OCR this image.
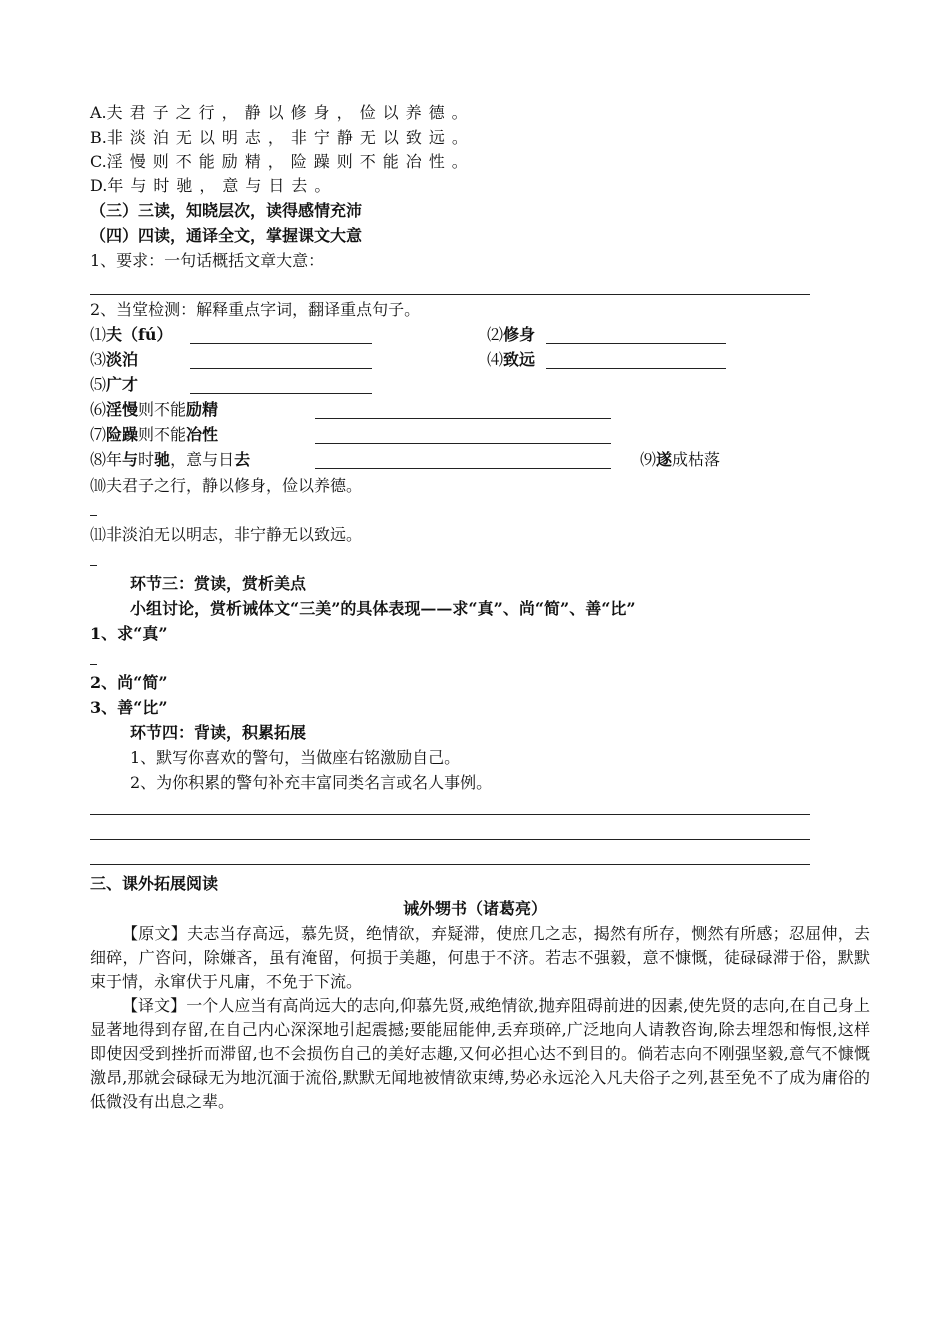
A.夫君子之行，静以修身，俭以养德。
B.非淡泊无以明志，非宁静无以致远。
C.淫慢则不能励精，险躁则不能冶性。
D.年与时驰，意与日去。
（三）三读，知晓层次，读得感情充沛
（四）四读，通译全文，掌握课文大意
1、要求：一句话概括文章大意：
2、当堂检测：解释重点字词，翻译重点句子。
⑴夫（fú）	⑵修身
⑶淡泊	⑷致远
⑸广才
⑹淫慢则不能励精
⑺险躁则不能冶性
⑻年与时驰，意与日去	⑼遂成枯落
⑽夫君子之行，静以修身，俭以养德。
⑾非淡泊无以明志，非宁静无以致远。
环节三：赏读，赏析美点
小组讨论，赏析诫体文“三美”的具体表现——求“真”、尚“简”、善“比”
1、求“真”
2、尚“简”
3、善“比”
环节四：背读，积累拓展
1、默写你喜欢的警句，当做座右铭激励自己。
2、为你积累的警句补充丰富同类名言或名人事例。
三、课外拓展阅读
诫外甥书（诸葛亮）
【原文】夫志当存高远，慕先贤，绝情欲，弃疑滞，使庶几之志，揭然有所存，恻然有所感；忍屈伸，去细碎，广咨问，除嫌吝，虽有淹留，何损于美趣，何患于不济。若志不强毅，意不慷慨，徒碌碌滞于俗，默默束于情，永窜伏于凡庸，不免于下流。
【译文】一个人应当有高尚远大的志向,仰慕先贤,戒绝情欲,抛弃阻碍前进的因素,使先贤的志向,在自己身上显著地得到存留,在自己内心深深地引起震撼;要能屈能伸,丢弃琐碎,广泛地向人请教咨询,除去埋怨和悔恨,这样即使因受到挫折而滞留,也不会损伤自己的美好志趣,又何必担心达不到目的。倘若志向不刚强坚毅,意气不慷慨激昂,那就会碌碌无为地沉湎于流俗,默默无闻地被情欲束缚,势必永远沦入凡夫俗子之列,甚至免不了成为庸俗的低微没有出息之辈。
